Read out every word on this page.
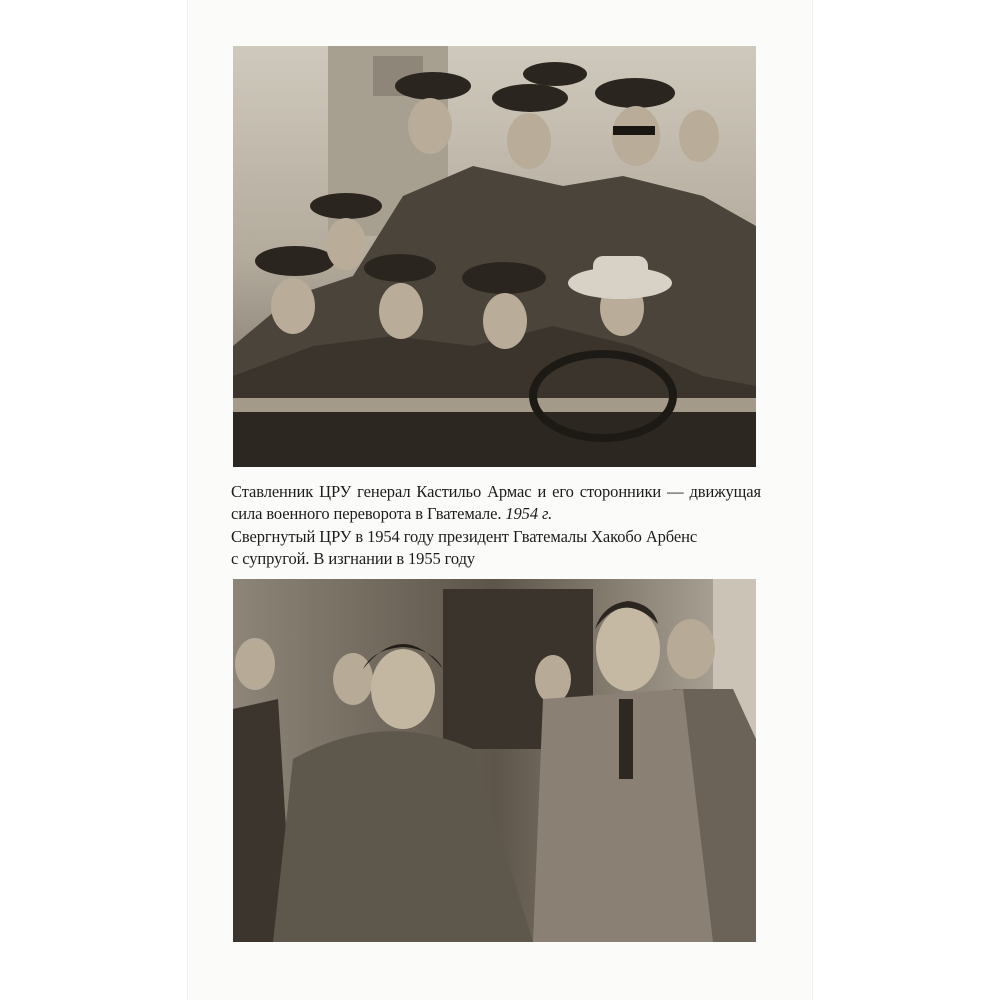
Ставленник ЦРУ генерал Кастильо Армас и его сторонники — движущая
сила военного переворота в Гватемале. 1954 г.
Свергнутый ЦРУ в 1954 году президент Гватемалы Хакобо Арбенс
с супругой. В изгнании в 1955 году
